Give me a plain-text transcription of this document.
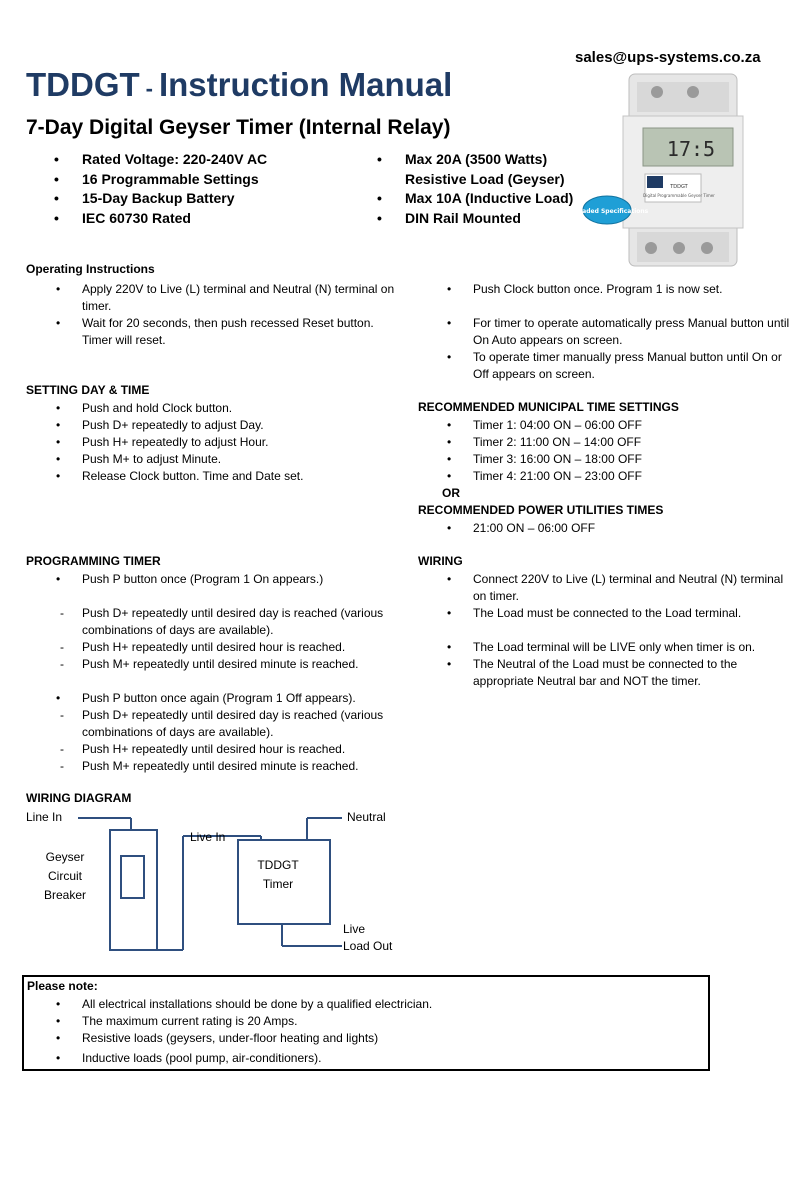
sales@ups-systems.co.za
TDDGT - Instruction Manual
7-Day Digital Geyser Timer (Internal Relay)
• Rated Voltage: 220-240V AC
• 16 Programmable Settings
• 15-Day Backup Battery
• IEC 60730 Rated
• Max 20A (3500 Watts) Resistive Load (Geyser)
• Max 10A (Inductive Load)
• DIN Rail Mounted
17:5
TDDGT
Digital Programmable Geyser Timer
Upgraded Specifications
Operating Instructions
• Apply 220V to Live (L) terminal and Neutral (N) terminal on timer.
• Wait for 20 seconds, then push recessed Reset button. Timer will reset.
• Push Clock button once. Program 1 is now set.
• For timer to operate automatically press Manual button until On Auto appears on screen.
• To operate timer manually press Manual button until On or Off appears on screen.
SETTING DAY & TIME
• Push and hold Clock button.
• Push D+ repeatedly to adjust Day.
• Push H+ repeatedly to adjust Hour.
• Push M+ to adjust Minute.
• Release Clock button. Time and Date set.
RECOMMENDED MUNICIPAL TIME SETTINGS
• Timer 1: 04:00 ON – 06:00 OFF
• Timer 2: 11:00 ON – 14:00 OFF
• Timer 3: 16:00 ON – 18:00 OFF
• Timer 4: 21:00 ON – 23:00 OFF
OR
RECOMMENDED POWER UTILITIES TIMES
• 21:00 ON – 06:00 OFF
PROGRAMMING TIMER
• Push P button once (Program 1 On appears.)
- Push D+ repeatedly until desired day is reached (various combinations of days are available).
- Push H+ repeatedly until desired hour is reached.
- Push M+ repeatedly until desired minute is reached.
• Push P button once again (Program 1 Off appears).
- Push D+ repeatedly until desired day is reached (various combinations of days are available).
- Push H+ repeatedly until desired hour is reached.
- Push M+ repeatedly until desired minute is reached.
WIRING
• Connect 220V to Live (L) terminal and Neutral (N) terminal on timer.
• The Load must be connected to the Load terminal.
• The Load terminal will be LIVE only when timer is on.
• The Neutral of the Load must be connected to the appropriate Neutral bar and NOT the timer.
WIRING DIAGRAM
Line In
Live In
Neutral
Geyser
Circuit
Breaker
TDDGT
Timer
Live
Load Out
Please note:
• All electrical installations should be done by a qualified electrician.
• The maximum current rating is 20 Amps.
• Resistive loads (geysers, under-floor heating and lights)
• Inductive loads (pool pump, air-conditioners).
